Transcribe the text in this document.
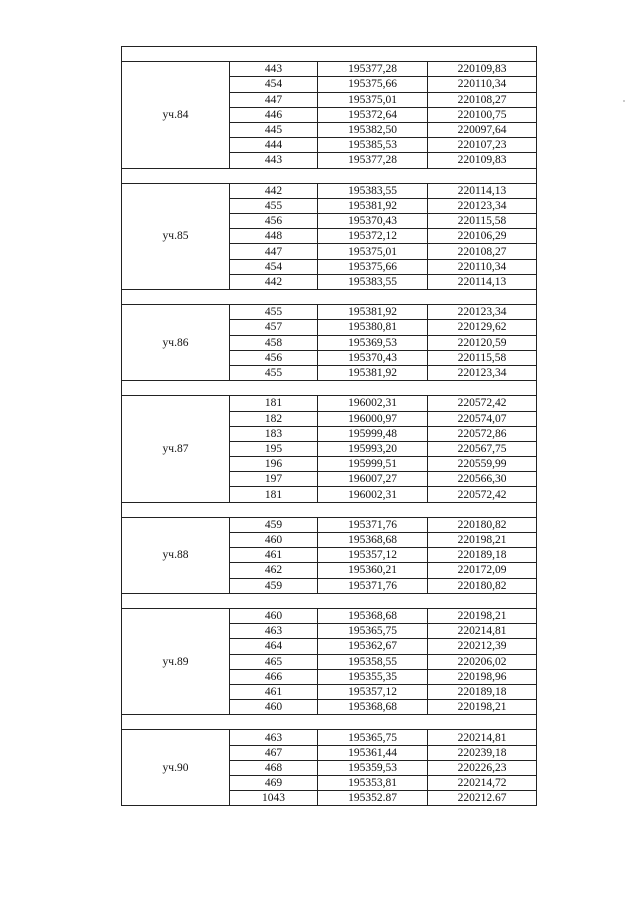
уч.84	443	195377,28	220109,83
	454	195375,66	220110,34
	447	195375,01	220108,27
	446	195372,64	220100,75
	445	195382,50	220097,64
	444	195385,53	220107,23
	443	195377,28	220109,83

уч.85	442	195383,55	220114,13
	455	195381,92	220123,34
	456	195370,43	220115,58
	448	195372,12	220106,29
	447	195375,01	220108,27
	454	195375,66	220110,34
	442	195383,55	220114,13

уч.86	455	195381,92	220123,34
	457	195380,81	220129,62
	458	195369,53	220120,59
	456	195370,43	220115,58
	455	195381,92	220123,34

уч.87	181	196002,31	220572,42
	182	196000,97	220574,07
	183	195999,48	220572,86
	195	195993,20	220567,75
	196	195999,51	220559,99
	197	196007,27	220566,30
	181	196002,31	220572,42

уч.88	459	195371,76	220180,82
	460	195368,68	220198,21
	461	195357,12	220189,18
	462	195360,21	220172,09
	459	195371,76	220180,82

уч.89	460	195368,68	220198,21
	463	195365,75	220214,81
	464	195362,67	220212,39
	465	195358,55	220206,02
	466	195355,35	220198,96
	461	195357,12	220189,18
	460	195368,68	220198,21

уч.90	463	195365,75	220214,81
	467	195361,44	220239,18
	468	195359,53	220226,23
	469	195353,81	220214,72
	1043	195352.87	220212.67
